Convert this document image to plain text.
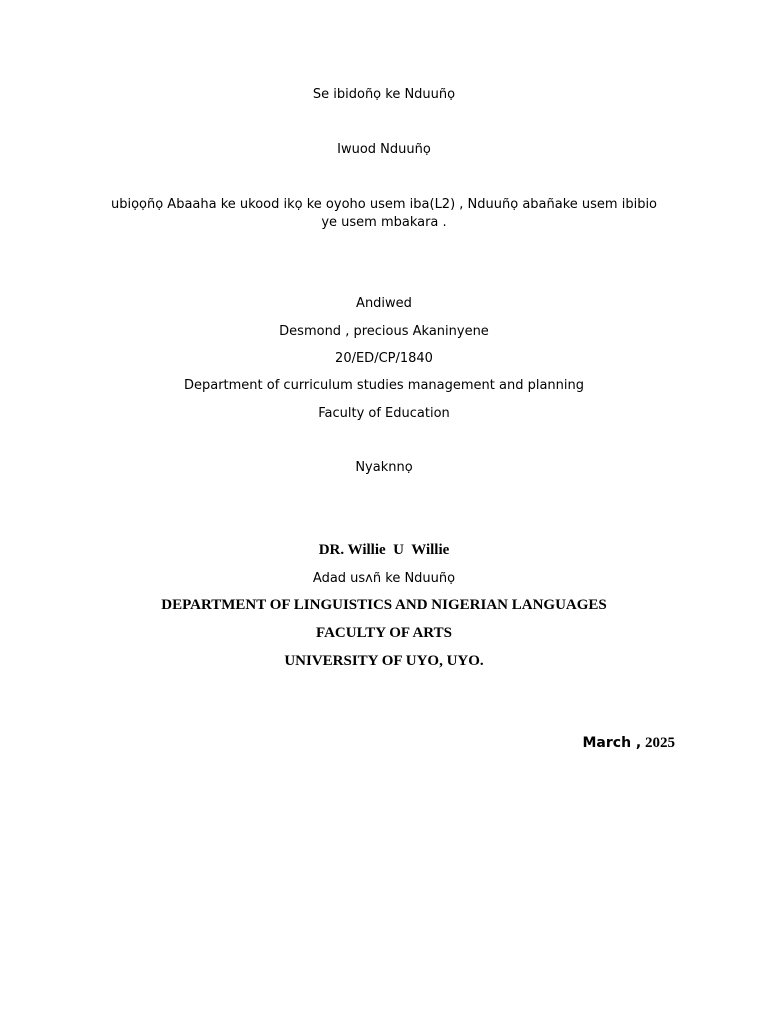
Se ibidoñọ ke Nduuñọ
Iwuod Nduuñọ
ubiọọñọ Abaaha ke ukood ikọ ke oyoho usem iba(L2) , Nduuñọ abañake usem ibibio ye usem mbakara .
Andiwed
Desmond , precious Akaninyene
20/ED/CP/1840
Department of curriculum studies management and planning
Faculty of Education
Nyaknnọ
DR. Willie  U  Willie
Adad usʌñ ke Nduuñọ
DEPARTMENT OF LINGUISTICS AND NIGERIAN LANGUAGES
FACULTY OF ARTS
UNIVERSITY OF UYO, UYO.
March , 2025
